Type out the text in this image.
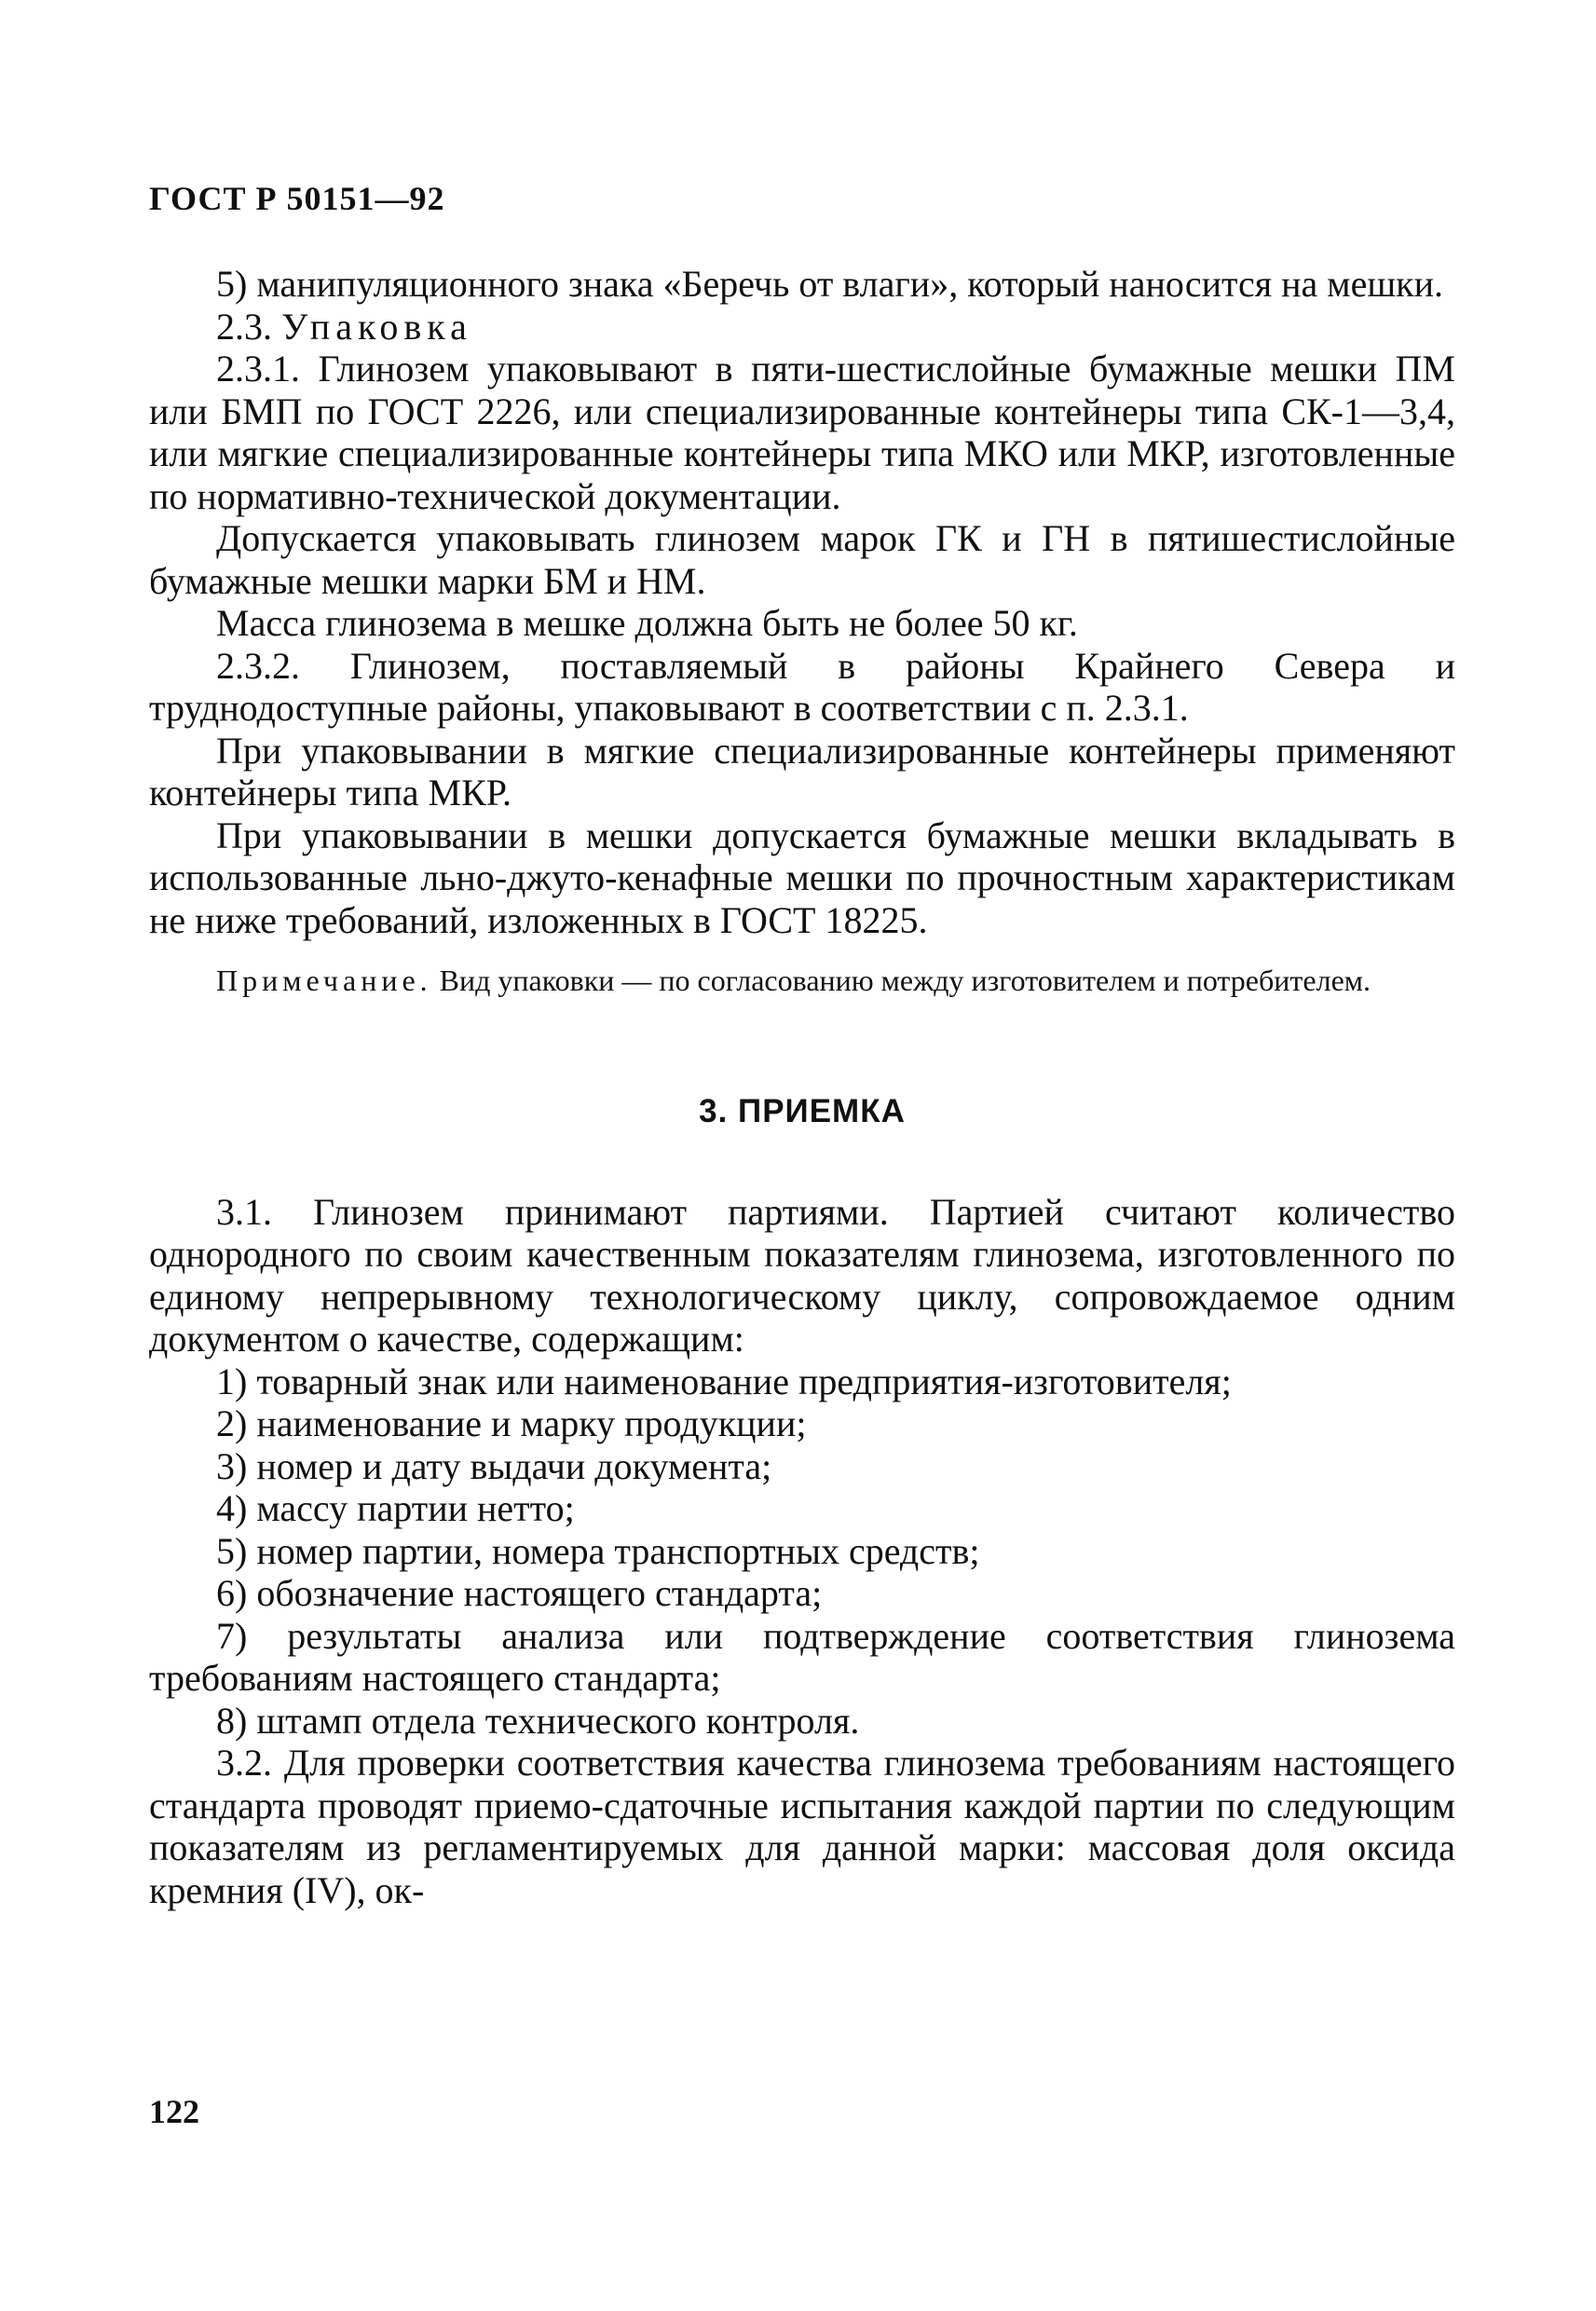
ГОСТ Р 50151—92

5) манипуляционного знака «Беречь от влаги», который наносится на мешки.

2.3. Упаковка

2.3.1. Глинозем упаковывают в пяти-шестислойные бумажные мешки ПМ или БМП по ГОСТ 2226, или специализированные контейнеры типа СК-1—3,4, или мягкие специализированные контейнеры типа МКО или МКР, изготовленные по нормативно-технической документации.

Допускается упаковывать глинозем марок ГК и ГН в пятишестислойные бумажные мешки марки БМ и НМ.

Масса глинозема в мешке должна быть не более 50 кг.

2.3.2. Глинозем, поставляемый в районы Крайнего Севера и труднодоступные районы, упаковывают в соответствии с п. 2.3.1.

При упаковывании в мягкие специализированные контейнеры применяют контейнеры типа МКР.

При упаковывании в мешки допускается бумажные мешки вкладывать в использованные льно-джуто-кенафные мешки по прочностным характеристикам не ниже требований, изложенных в ГОСТ 18225.

Примечание. Вид упаковки — по согласованию между изготовителем и потребителем.

3. ПРИЕМКА

3.1. Глинозем принимают партиями. Партией считают количество однородного по своим качественным показателям глинозема, изготовленного по единому непрерывному технологическому циклу, сопровождаемое одним документом о качестве, содержащим:

1) товарный знак или наименование предприятия-изготовителя;

2) наименование и марку продукции;

3) номер и дату выдачи документа;

4) массу партии нетто;

5) номер партии, номера транспортных средств;

6) обозначение настоящего стандарта;

7) результаты анализа или подтверждение соответствия глинозема требованиям настоящего стандарта;

8) штамп отдела технического контроля.

3.2. Для проверки соответствия качества глинозема требованиям настоящего стандарта проводят приемо-сдаточные испытания каждой партии по следующим показателям из регламентируемых для данной марки: массовая доля оксида кремния (IV), ок-

122
